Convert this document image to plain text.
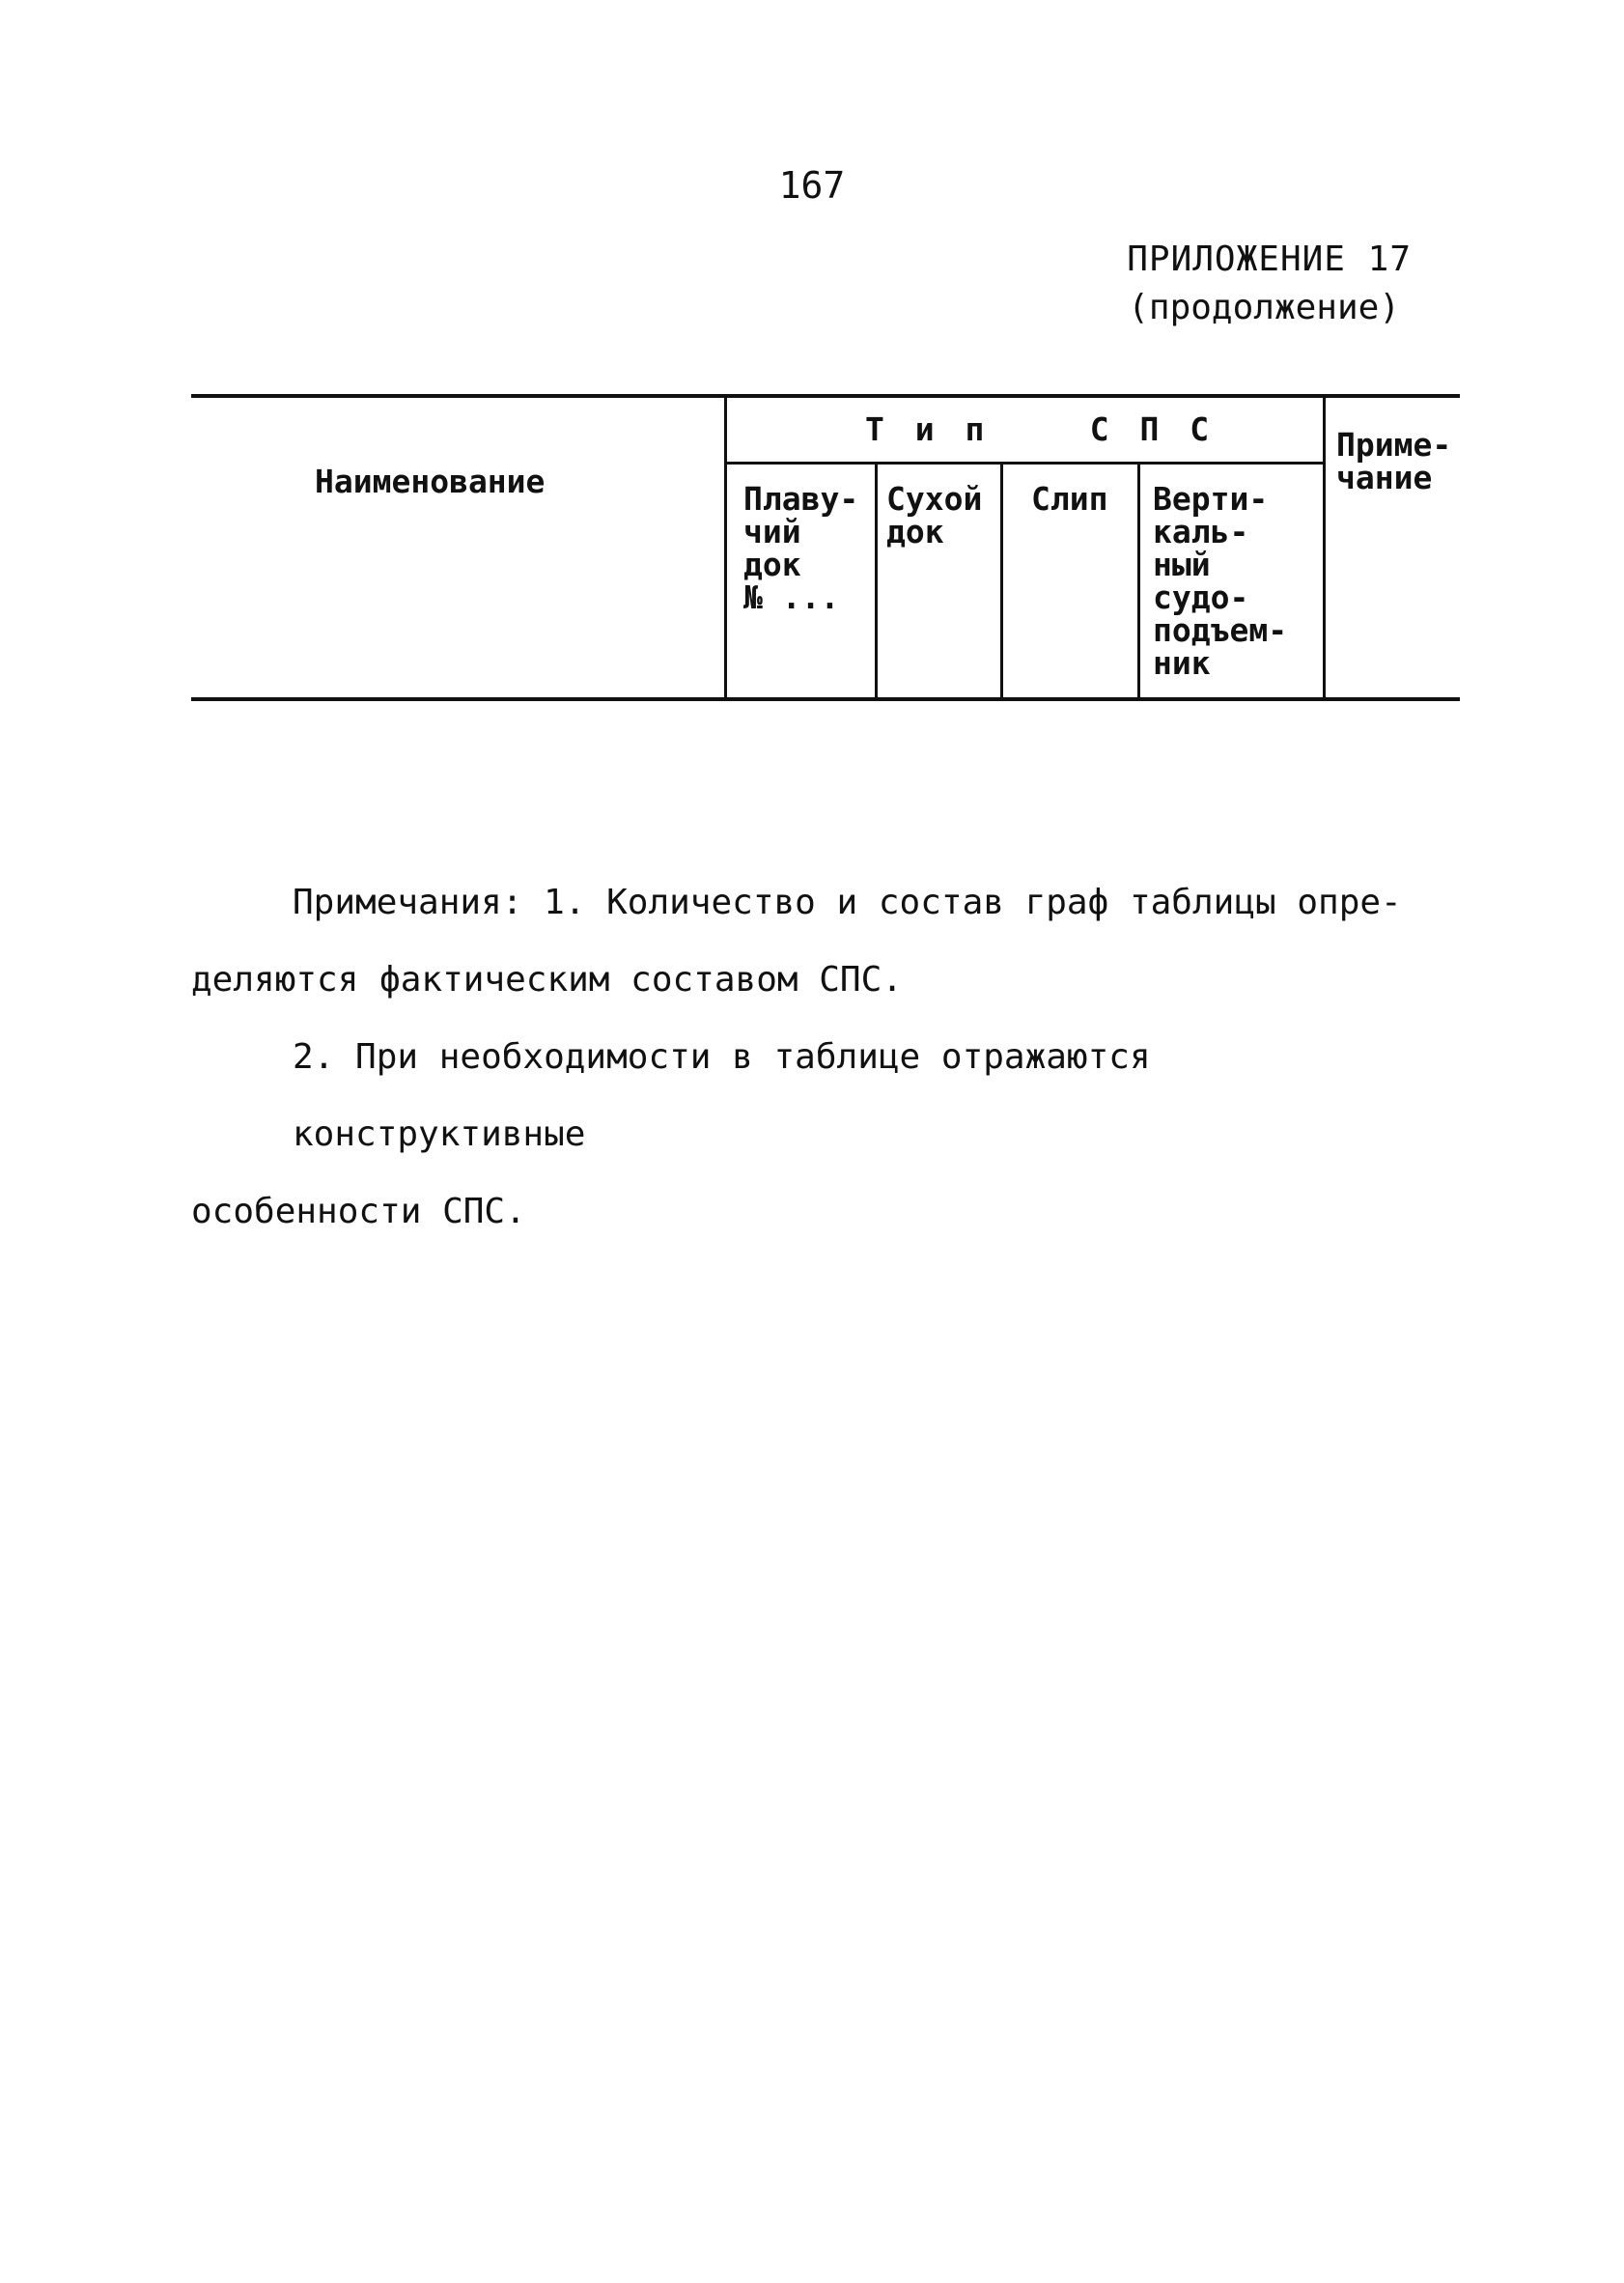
167
ПРИЛОЖЕНИЕ 17
(продолжение)
Наименование
Т и п    С П С	Приме-
чание
Плаву-
чий
док
№ ...
Сухой
док
Слип Верти-
каль-
ный
судо-
подъем-
ник

Примечания: 1. Количество и состав граф таблицы опре-

деляются фактическим составом СПС.

2. При необходимости в таблице отражаются конструктивные

особенности СПС.
